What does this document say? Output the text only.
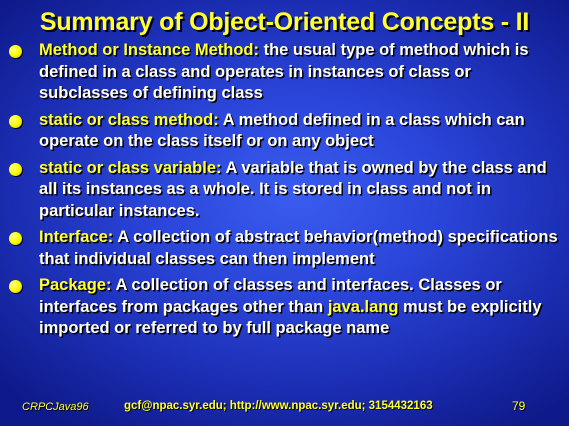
Summary of Object-Oriented Concepts - II
Method or Instance Method: the usual type of method which is defined in a class and operates in instances of class or subclasses of defining class
static or class method: A method defined in a class which can operate on the class itself or on any object
static or class variable: A variable that is owned by the class and all its instances as a whole. It is stored in class and not in particular instances.
Interface: A collection of abstract behavior(method) specifications that individual classes can then implement
Package: A collection of classes and interfaces. Classes or interfaces from packages other than java.lang must be explicitly imported or referred to by full package name
CRPCJava96	gcf@npac.syr.edu; http://www.npac.syr.edu; 3154432163	79
